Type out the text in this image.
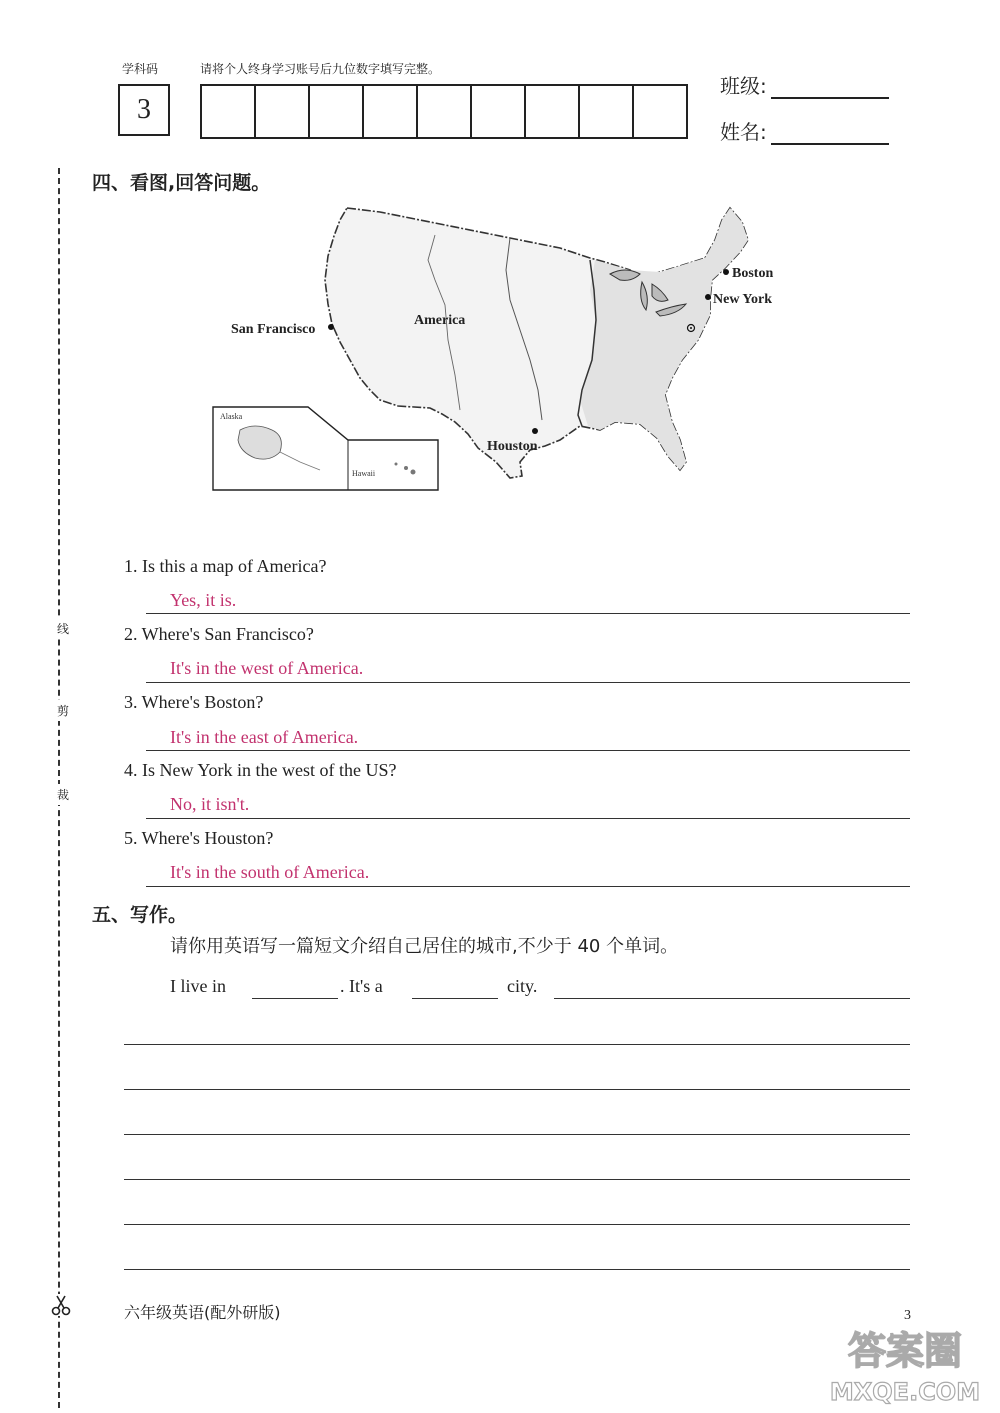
学科码	请将个人终身学习账号后九位数字填写完整。
3
班级:
姓名:
线
剪
裁
四、看图,回答问题。
America
San Francisco
Boston
New York
Houston
Alaska
Hawaii
1. Is this a map of America?
Yes, it is.
2. Where's San Francisco?
It's in the west of America.
3. Where's Boston?
It's in the east of America.
4. Is New York in the west of the US?
No, it isn't.
5. Where's Houston?
It's in the south of America.
五、写作。
请你用英语写一篇短文介绍自己居住的城市,不少于 40 个单词。
I live in	. It's a	city.
六年级英语(配外研版)	3
答案圈
MXQE.COM
